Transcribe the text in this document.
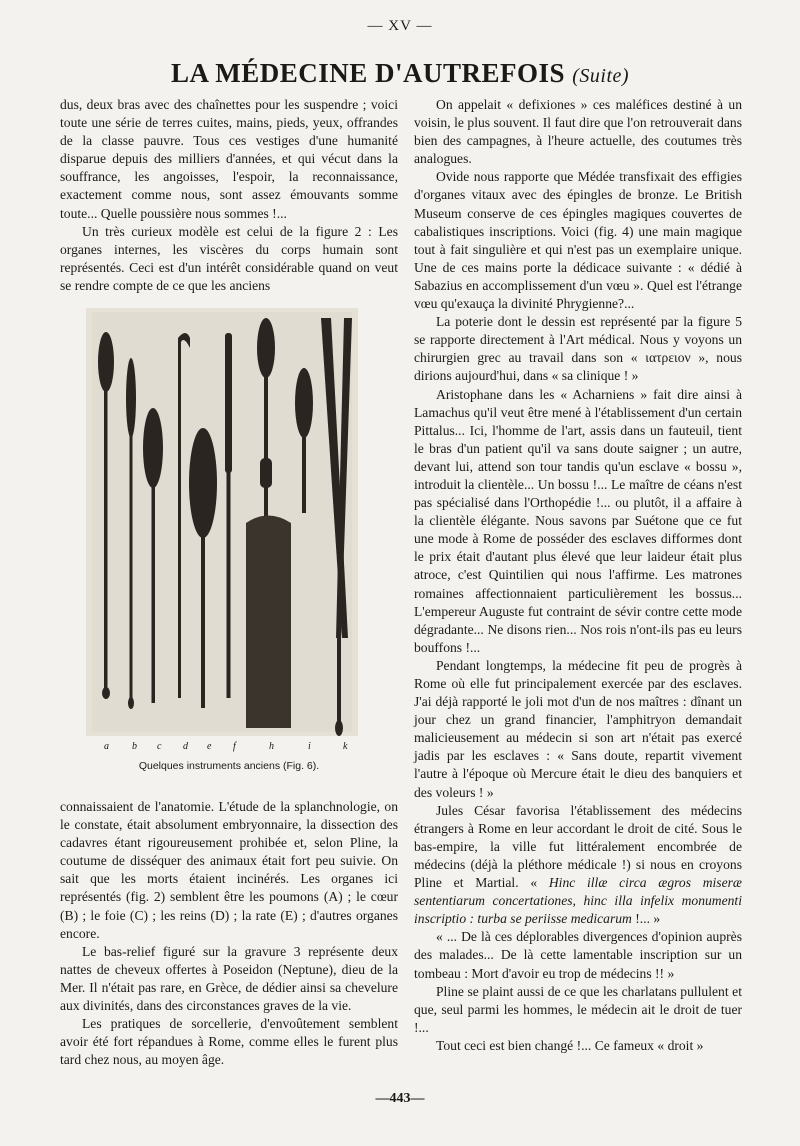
— XV —
LA MÉDECINE D'AUTREFOIS (Suite)

dus, deux bras avec des chaînettes pour les suspendre ; voici toute une série de terres cuites, mains, pieds, yeux, offrandes de la classe pauvre. Tous ces vestiges d'une humanité disparue depuis des milliers d'années, et qui vécut dans la souffrance, les angoisses, l'espoir, la reconnaissance, exactement comme nous, sont assez émouvants somme toute... Quelle poussière nous sommes !...

Un très curieux modèle est celui de la figure 2 : Les organes internes, les viscères du corps humain sont représentés. Ceci est d'un intérêt considérable quand on veut se rendre compte de ce que les anciens

a b c d e f	h	i	k
Quelques instruments anciens (Fig. 6).

connaissaient de l'anatomie. L'étude de la splanchnologie, on le constate, était absolument embryonnaire, la dissection des cadavres étant rigoureusement prohibée et, selon Pline, la coutume de disséquer des animaux était fort peu suivie. On sait que les morts étaient incinérés. Les organes ici représentés (fig. 2) semblent être les poumons (A) ; le cœur (B) ; le foie (C) ; les reins (D) ; la rate (E) ; d'autres organes encore.

Le bas-relief figuré sur la gravure 3 représente deux nattes de cheveux offertes à Poseidon (Neptune), dieu de la Mer. Il n'était pas rare, en Grèce, de dédier ainsi sa chevelure aux divinités, dans des circonstances graves de la vie.

Les pratiques de sorcellerie, d'envoûtement semblent avoir été fort répandues à Rome, comme elles le furent plus tard chez nous, au moyen âge.

On appelait « defixiones » ces maléfices destiné à un voisin, le plus souvent. Il faut dire que l'on retrouverait dans bien des campagnes, à l'heure actuelle, des coutumes très analogues.

Ovide nous rapporte que Médée transfixait des effigies d'organes vitaux avec des épingles de bronze. Le British Museum conserve de ces épingles magiques couvertes de cabalistiques inscriptions. Voici (fig. 4) une main magique tout à fait singulière et qui n'est pas un exemplaire unique. Une de ces mains porte la dédicace suivante : « dédié à Sabazius en accomplissement d'un vœu ». Quel est l'étrange vœu qu'exauça la divinité Phrygienne?...

La poterie dont le dessin est représenté par la figure 5 se rapporte directement à l'Art médical. Nous y voyons un chirurgien grec au travail dans son « ιατρειον », nous dirions aujourd'hui, dans « sa clinique ! »

Aristophane dans les « Acharniens » fait dire ainsi à Lamachus qu'il veut être mené à l'établissement d'un certain Pittalus... Ici, l'homme de l'art, assis dans un fauteuil, tient le bras d'un patient qu'il va sans doute saigner ; un autre, devant lui, attend son tour tandis qu'un esclave « bossu », introduit la clientèle... Un bossu !... Le maître de céans n'est pas spécialisé dans l'Orthopédie !... ou plutôt, il a affaire à la clientèle élégante. Nous savons par Suétone que ce fut une mode à Rome de posséder des esclaves difformes dont le prix était d'autant plus élevé que leur laideur était plus atroce, c'est Quintilien qui nous l'affirme. Les matrones romaines affectionnaient particulièrement les bossus... L'empereur Auguste fut contraint de sévir contre cette mode dégradante... Ne disons rien... Nos rois n'ont-ils pas eu leurs bouffons !...

Pendant longtemps, la médecine fit peu de progrès à Rome où elle fut principalement exercée par des esclaves. J'ai déjà rapporté le joli mot d'un de nos maîtres : dînant un jour chez un grand financier, l'amphitryon demandait malicieusement au médecin si son art n'était pas exercé jadis par les esclaves : « Sans doute, repartit vivement l'autre à l'époque où Mercure était le dieu des banquiers et des voleurs ! »

Jules César favorisa l'établissement des médecins étrangers à Rome en leur accordant le droit de cité. Sous le bas-empire, la ville fut littéralement encombrée de médecins (déjà la pléthore médicale !) si nous en croyons Pline et Martial. « Hinc illæ circa ægros miseræ sententiarum concertationes, hinc illa infelix monumenti inscriptio : turba se periisse medicarum !... »

« ... De là ces déplorables divergences d'opinion auprès des malades... De là cette lamentable inscription sur un tombeau : Mort d'avoir eu trop de médecins !! »

Pline se plaint aussi de ce que les charlatans pullulent et que, seul parmi les hommes, le médecin ait le droit de tuer !...

Tout ceci est bien changé !... Ce fameux « droit »

—443—
